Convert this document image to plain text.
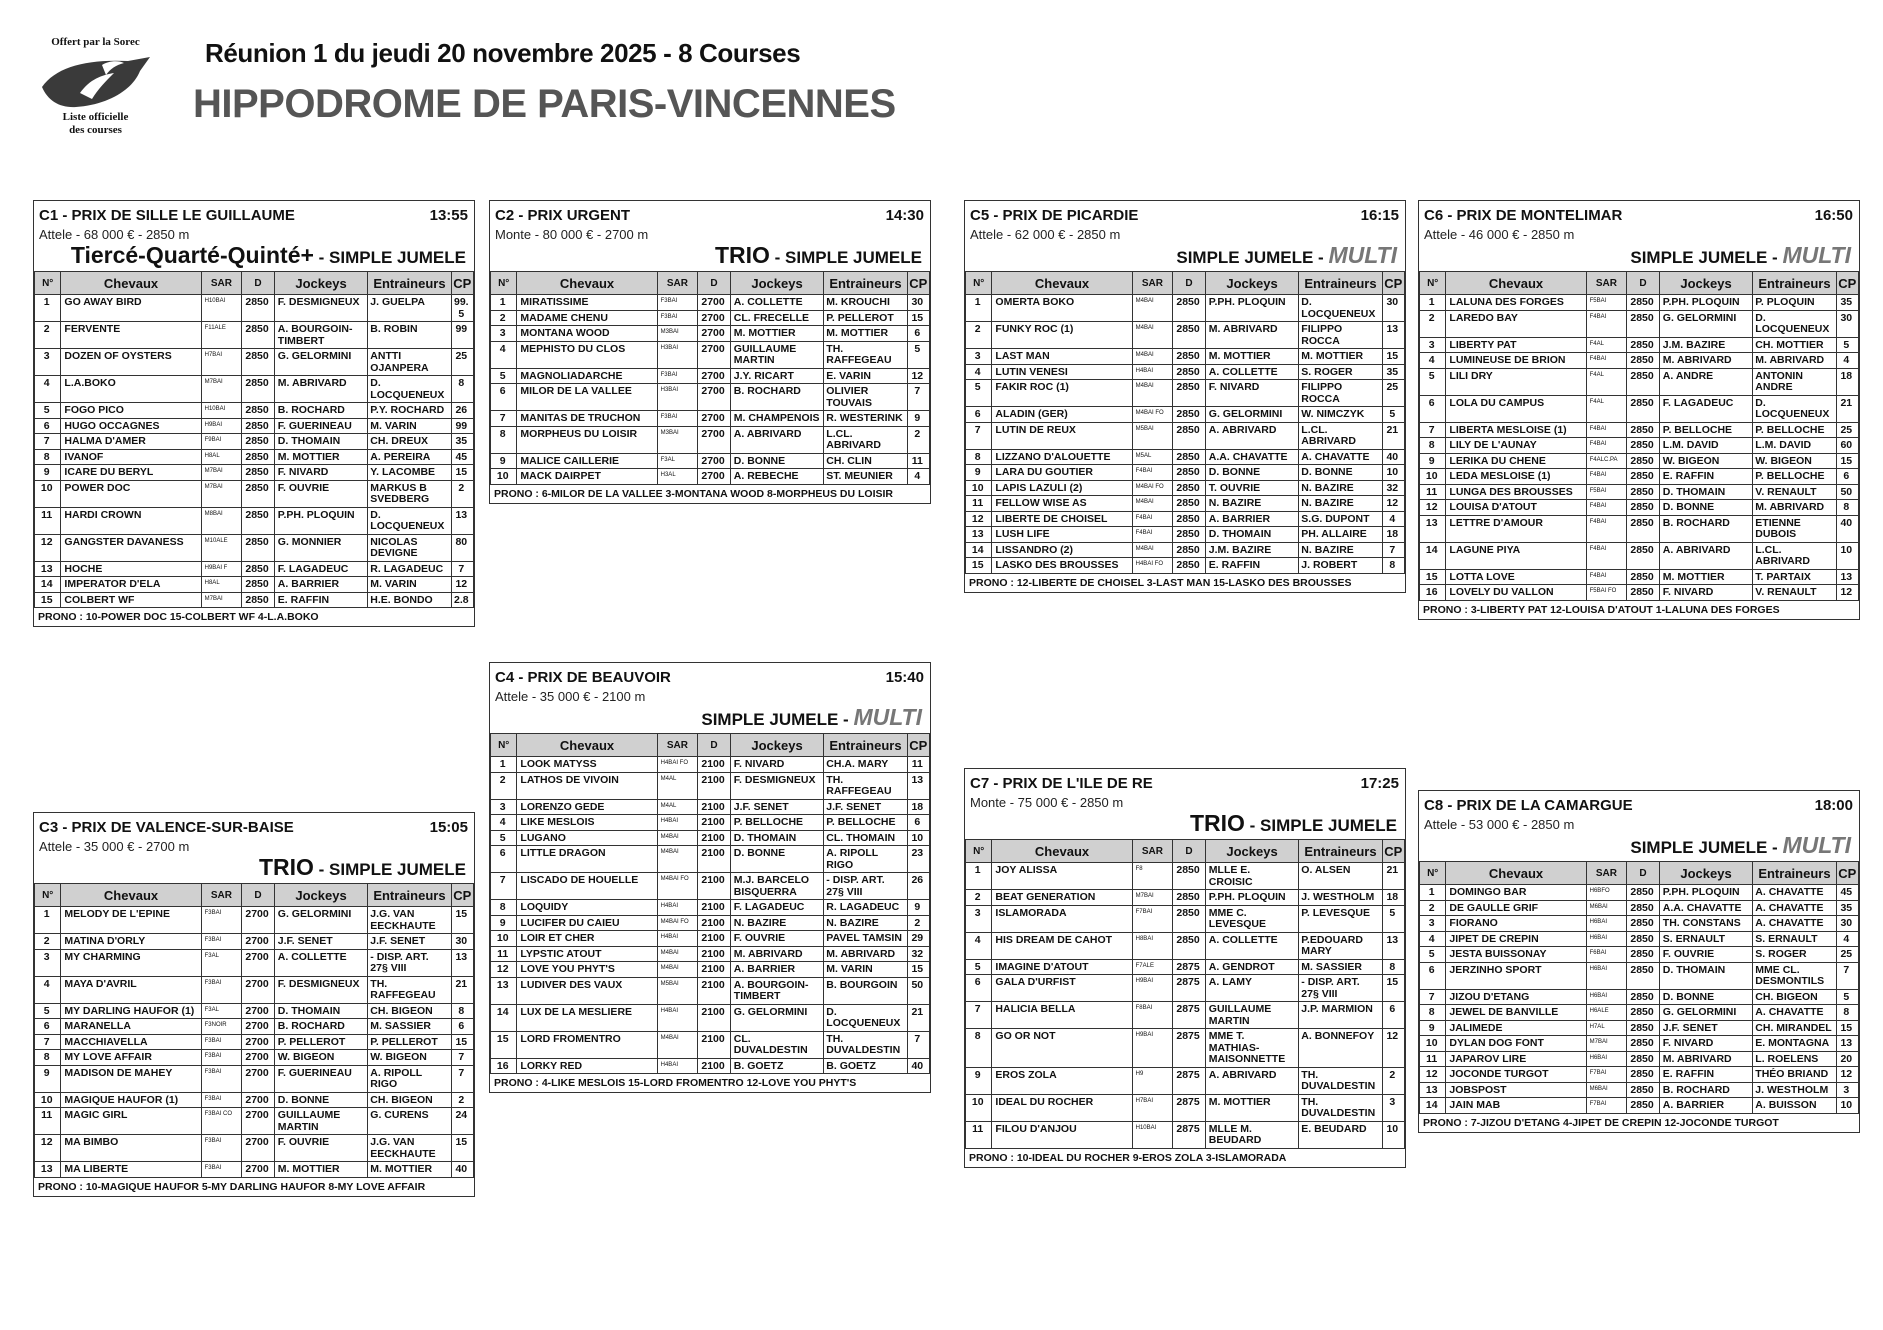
Offert par la Sorec
Liste officielle
des courses
Réunion 1 du jeudi 20 novembre 2025 - 8 Courses
HIPPODROME DE PARIS-VINCENNES
C1 - PRIX DE SILLE LE GUILLAUME	13:55
Attele - 68 000 € - 2850 m
Tiercé-Quarté-Quinté+ - SIMPLE JUMELE
N°	Chevaux	SAR	D	Jockeys	Entraineurs	CP
1	GO AWAY BIRD	H10BAI	2850	F. DESMIGNEUX	J. GUELPA	99.5
2	FERVENTE	F11ALE	2850	A. BOURGOIN-TIMBERT	B. ROBIN	99
3	DOZEN OF OYSTERS	H7BAI	2850	G. GELORMINI	ANTTI OJANPERA	25
4	L.A.BOKO	M7BAI	2850	M. ABRIVARD	D. LOCQUENEUX	8
5	FOGO PICO	H10BAI	2850	B. ROCHARD	P.Y. ROCHARD	26
6	HUGO OCCAGNES	H9BAI	2850	F. GUERINEAU	M. VARIN	99
7	HALMA D'AMER	F9BAI	2850	D. THOMAIN	CH. DREUX	35
8	IVANOF	H8AL	2850	M. MOTTIER	A. PEREIRA	45
9	ICARE DU BERYL	M7BAI	2850	F. NIVARD	Y. LACOMBE	15
10	POWER DOC	M7BAI	2850	F. OUVRIE	MARKUS B SVEDBERG	2
11	HARDI CROWN	M8BAI	2850	P.PH. PLOQUIN	D. LOCQUENEUX	13
12	GANGSTER DAVANESS	M10ALE	2850	G. MONNIER	NICOLAS DEVIGNE	80
13	HOCHE	H9BAI F	2850	F. LAGADEUC	R. LAGADEUC	7
14	IMPERATOR D'ELA	H8AL	2850	A. BARRIER	M. VARIN	12
15	COLBERT WF	M7BAI	2850	E. RAFFIN	H.E. BONDO	2.8
PRONO : 10-POWER DOC 15-COLBERT WF 4-L.A.BOKO
C2 - PRIX URGENT	14:30
Monte - 80 000 € - 2700 m
TRIO - SIMPLE JUMELE
N°	Chevaux	SAR	D	Jockeys	Entraineurs	CP
1	MIRATISSIME	F3BAI	2700	A. COLLETTE	M. KROUCHI	30
2	MADAME CHENU	F3BAI	2700	CL. FRECELLE	P. PELLEROT	15
3	MONTANA WOOD	M3BAI	2700	M. MOTTIER	M. MOTTIER	6
4	MEPHISTO DU CLOS	H3BAI	2700	GUILLAUME MARTIN	TH. RAFFEGEAU	5
5	MAGNOLIADARCHE	F3BAI	2700	J.Y. RICART	E. VARIN	12
6	MILOR DE LA VALLEE	H3BAI	2700	B. ROCHARD	OLIVIER TOUVAIS	7
7	MANITAS DE TRUCHON	F3BAI	2700	M. CHAMPENOIS	R. WESTERINK	9
8	MORPHEUS DU LOISIR	M3BAI	2700	A. ABRIVARD	L.CL. ABRIVARD	2
9	MALICE CAILLERIE	F3AL	2700	D. BONNE	CH. CLIN	11
10	MACK DAIRPET	H3AL	2700	A. REBECHE	ST. MEUNIER	4
PRONO : 6-MILOR DE LA VALLEE 3-MONTANA WOOD 8-MORPHEUS DU LOISIR
C3 - PRIX DE VALENCE-SUR-BAISE	15:05
Attele - 35 000 € - 2700 m
TRIO - SIMPLE JUMELE
N°	Chevaux	SAR	D	Jockeys	Entraineurs	CP
1	MELODY DE L'EPINE	F3BAI	2700	G. GELORMINI	J.G. VAN EECKHAUTE	15
2	MATINA D'ORLY	F3BAI	2700	J.F. SENET	J.F. SENET	30
3	MY CHARMING	F3AL	2700	A. COLLETTE	- DISP. ART. 27§ VIII	13
4	MAYA D'AVRIL	F3BAI	2700	F. DESMIGNEUX	TH. RAFFEGEAU	21
5	MY DARLING HAUFOR (1)	F3AL	2700	D. THOMAIN	CH. BIGEON	8
6	MARANELLA	F3NOIR	2700	B. ROCHARD	M. SASSIER	6
7	MACCHIAVELLA	F3BAI	2700	P. PELLEROT	P. PELLEROT	15
8	MY LOVE AFFAIR	F3BAI	2700	W. BIGEON	W. BIGEON	7
9	MADISON DE MAHEY	F3BAI	2700	F. GUERINEAU	A. RIPOLL RIGO	7
10	MAGIQUE HAUFOR (1)	F3BAI	2700	D. BONNE	CH. BIGEON	2
11	MAGIC GIRL	F3BAI CO	2700	GUILLAUME MARTIN	G. CURENS	24
12	MA BIMBO	F3BAI	2700	F. OUVRIE	J.G. VAN EECKHAUTE	15
13	MA LIBERTE	F3BAI	2700	M. MOTTIER	M. MOTTIER	40
PRONO : 10-MAGIQUE HAUFOR 5-MY DARLING HAUFOR 8-MY LOVE AFFAIR
C4 - PRIX DE BEAUVOIR	15:40
Attele - 35 000 € - 2100 m
SIMPLE JUMELE - MULTI
N°	Chevaux	SAR	D	Jockeys	Entraineurs	CP
1	LOOK MATYSS	H4BAI FO	2100	F. NIVARD	CH.A. MARY	11
2	LATHOS DE VIVOIN	M4AL	2100	F. DESMIGNEUX	TH. RAFFEGEAU	13
3	LORENZO GEDE	M4AL	2100	J.F. SENET	J.F. SENET	18
4	LIKE MESLOIS	H4BAI	2100	P. BELLOCHE	P. BELLOCHE	6
5	LUGANO	M4BAI	2100	D. THOMAIN	CL. THOMAIN	10
6	LITTLE DRAGON	M4BAI	2100	D. BONNE	A. RIPOLL RIGO	23
7	LISCADO DE HOUELLE	M4BAI FO	2100	M.J. BARCELO BISQUERRA	- DISP. ART. 27§ VIII	26
8	LOQUIDY	H4BAI	2100	F. LAGADEUC	R. LAGADEUC	9
9	LUCIFER DU CAIEU	M4BAI FO	2100	N. BAZIRE	N. BAZIRE	2
10	LOIR ET CHER	H4BAI	2100	F. OUVRIE	PAVEL TAMSIN	29
11	LYPSTIC ATOUT	M4BAI	2100	M. ABRIVARD	M. ABRIVARD	32
12	LOVE YOU PHYT'S	M4BAI	2100	A. BARRIER	M. VARIN	15
13	LUDIVER DES VAUX	M5BAI	2100	A. BOURGOIN-TIMBERT	B. BOURGOIN	50
14	LUX DE LA MESLIERE	H4BAI	2100	G. GELORMINI	D. LOCQUENEUX	21
15	LORD FROMENTRO	M4BAI	2100	CL. DUVALDESTIN	TH. DUVALDESTIN	7
16	LORKY RED	H4BAI	2100	B. GOETZ	B. GOETZ	40
PRONO : 4-LIKE MESLOIS 15-LORD FROMENTRO 12-LOVE YOU PHYT'S
C5 - PRIX DE PICARDIE	16:15
Attele - 62 000 € - 2850 m
SIMPLE JUMELE - MULTI
N°	Chevaux	SAR	D	Jockeys	Entraineurs	CP
1	OMERTA BOKO	M4BAI	2850	P.PH. PLOQUIN	D. LOCQUENEUX	30
2	FUNKY ROC (1)	M4BAI	2850	M. ABRIVARD	FILIPPO ROCCA	13
3	LAST MAN	M4BAI	2850	M. MOTTIER	M. MOTTIER	15
4	LUTIN VENESI	H4BAI	2850	A. COLLETTE	S. ROGER	35
5	FAKIR ROC (1)	M4BAI	2850	F. NIVARD	FILIPPO ROCCA	25
6	ALADIN (GER)	M4BAI FO	2850	G. GELORMINI	W. NIMCZYK	5
7	LUTIN DE REUX	M5BAI	2850	A. ABRIVARD	L.CL. ABRIVARD	21
8	LIZZANO D'ALOUETTE	M5AL	2850	A.A. CHAVATTE	A. CHAVATTE	40
9	LARA DU GOUTIER	F4BAI	2850	D. BONNE	D. BONNE	10
10	LAPIS LAZULI (2)	M4BAI FO	2850	T. OUVRIE	N. BAZIRE	32
11	FELLOW WISE AS	M4BAI	2850	N. BAZIRE	N. BAZIRE	12
12	LIBERTE DE CHOISEL	F4BAI	2850	A. BARRIER	S.G. DUPONT	4
13	LUSH LIFE	F4BAI	2850	D. THOMAIN	PH. ALLAIRE	18
14	LISSANDRO (2)	M4BAI	2850	J.M. BAZIRE	N. BAZIRE	7
15	LASKO DES BROUSSES	H4BAI FO	2850	E. RAFFIN	J. ROBERT	8
PRONO : 12-LIBERTE DE CHOISEL 3-LAST MAN 15-LASKO DES BROUSSES
C6 - PRIX DE MONTELIMAR	16:50
Attele - 46 000 € - 2850 m
SIMPLE JUMELE - MULTI
N°	Chevaux	SAR	D	Jockeys	Entraineurs	CP
1	LALUNA DES FORGES	F5BAI	2850	P.PH. PLOQUIN	P. PLOQUIN	35
2	LAREDO BAY	F4BAI	2850	G. GELORMINI	D. LOCQUENEUX	30
3	LIBERTY PAT	F4AL	2850	J.M. BAZIRE	CH. MOTTIER	5
4	LUMINEUSE DE BRION	F4BAI	2850	M. ABRIVARD	M. ABRIVARD	4
5	LILI DRY	F4AL	2850	A. ANDRE	ANTONIN ANDRE	18
6	LOLA DU CAMPUS	F4AL	2850	F. LAGADEUC	D. LOCQUENEUX	21
7	LIBERTA MESLOISE (1)	F4BAI	2850	P. BELLOCHE	P. BELLOCHE	25
8	LILY DE L'AUNAY	F4BAI	2850	L.M. DAVID	L.M. DAVID	60
9	LERIKA DU CHENE	F4ALC.PA	2850	W. BIGEON	W. BIGEON	15
10	LEDA MESLOISE (1)	F4BAI	2850	E. RAFFIN	P. BELLOCHE	6
11	LUNGA DES BROUSSES	F5BAI	2850	D. THOMAIN	V. RENAULT	50
12	LOUISA D'ATOUT	F4BAI	2850	D. BONNE	M. ABRIVARD	8
13	LETTRE D'AMOUR	F4BAI	2850	B. ROCHARD	ETIENNE DUBOIS	40
14	LAGUNE PIYA	F4BAI	2850	A. ABRIVARD	L.CL. ABRIVARD	10
15	LOTTA LOVE	F4BAI	2850	M. MOTTIER	T. PARTAIX	13
16	LOVELY DU VALLON	F5BAI FO	2850	F. NIVARD	V. RENAULT	12
PRONO : 3-LIBERTY PAT 12-LOUISA D'ATOUT 1-LALUNA DES FORGES
C7 - PRIX DE L'ILE DE RE	17:25
Monte - 75 000 € - 2850 m
TRIO - SIMPLE JUMELE
N°	Chevaux	SAR	D	Jockeys	Entraineurs	CP
1	JOY ALISSA	F8	2850	MLLE E. CROISIC	O. ALSEN	21
2	BEAT GENERATION	M7BAI	2850	P.PH. PLOQUIN	J. WESTHOLM	18
3	ISLAMORADA	F7BAI	2850	MME C. LEVESQUE	P. LEVESQUE	5
4	HIS DREAM DE CAHOT	H8BAI	2850	A. COLLETTE	P.EDOUARD MARY	13
5	IMAGINE D'ATOUT	F7ALE	2875	A. GENDROT	M. SASSIER	8
6	GALA D'URFIST	H9BAI	2875	A. LAMY	- DISP. ART. 27§ VIII	15
7	HALICIA BELLA	F8BAI	2875	GUILLAUME MARTIN	J.P. MARMION	6
8	GO OR NOT	H9BAI	2875	MME T. MATHIAS-MAISONNETTE	A. BONNEFOY	12
9	EROS ZOLA	H9	2875	A. ABRIVARD	TH. DUVALDESTIN	2
10	IDEAL DU ROCHER	H7BAI	2875	M. MOTTIER	TH. DUVALDESTIN	3
11	FILOU D'ANJOU	H10BAI	2875	MLLE M. BEUDARD	E. BEUDARD	10
PRONO : 10-IDEAL DU ROCHER 9-EROS ZOLA 3-ISLAMORADA
C8 - PRIX DE LA CAMARGUE	18:00
Attele - 53 000 € - 2850 m
SIMPLE JUMELE - MULTI
N°	Chevaux	SAR	D	Jockeys	Entraineurs	CP
1	DOMINGO BAR	H6BFO	2850	P.PH. PLOQUIN	A. CHAVATTE	45
2	DE GAULLE GRIF	M6BAI	2850	A.A. CHAVATTE	A. CHAVATTE	35
3	FIORANO	H6BAI	2850	TH. CONSTANS	A. CHAVATTE	30
4	JIPET DE CREPIN	H6BAI	2850	S. ERNAULT	S. ERNAULT	4
5	JESTA BUISSONAY	F6BAI	2850	F. OUVRIE	S. ROGER	25
6	JERZINHO SPORT	H6BAI	2850	D. THOMAIN	MME CL. DESMONTILS	7
7	JIZOU D'ETANG	H6BAI	2850	D. BONNE	CH. BIGEON	5
8	JEWEL DE BANVILLE	H6ALE	2850	G. GELORMINI	A. CHAVATTE	8
9	JALIMEDE	H7AL	2850	J.F. SENET	CH. MIRANDEL	15
10	DYLAN DOG FONT	M7BAI	2850	F. NIVARD	E. MONTAGNA	13
11	JAPAROV LIRE	H6BAI	2850	M. ABRIVARD	L. ROELENS	20
12	JOCONDE TURGOT	F7BAI	2850	E. RAFFIN	THÉO BRIAND	12
13	JOBSPOST	M6BAI	2850	B. ROCHARD	J. WESTHOLM	3
14	JAIN MAB	F7BAI	2850	A. BARRIER	A. BUISSON	10
PRONO : 7-JIZOU D'ETANG 4-JIPET DE CREPIN 12-JOCONDE TURGOT
